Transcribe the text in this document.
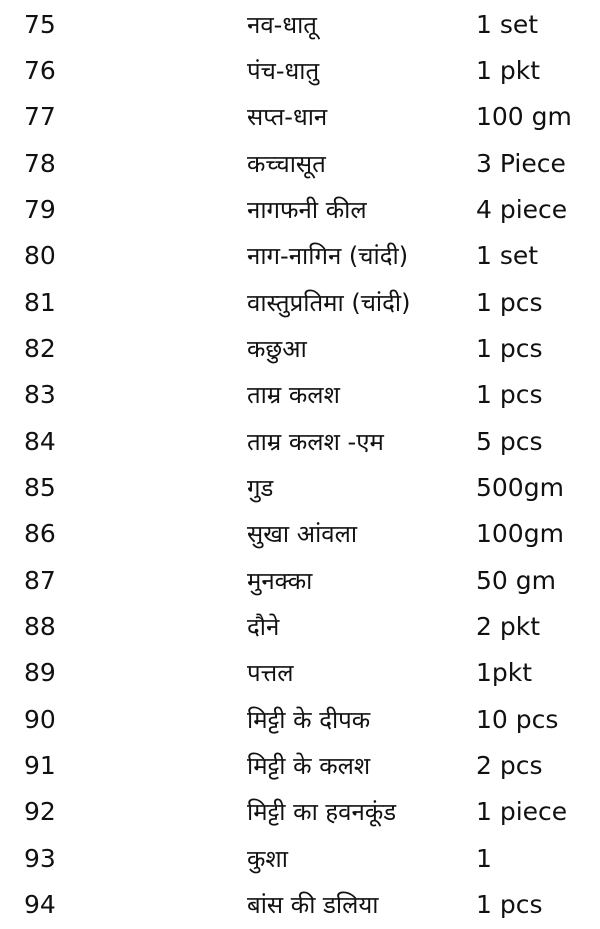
75	नव-धातू	1 set
76	पंच-धातु	1 pkt
77	सप्त-धान	100 gm
78	कच्चासूत	3 Piece
79	नागफनी कील	4 piece
80	नाग-नागिन (चांदी)	1 set
81	वास्तुप्रतिमा (चांदी)	1 pcs
82	कछुआ	1 pcs
83	ताम्र कलश	1 pcs
84	ताम्र कलश -एम	5 pcs
85	गुड	500gm
86	सुखा आंवला	100gm
87	मुनक्का	50 gm
88	दौने	2 pkt
89	पत्तल	1pkt
90	मिट्टी के दीपक	10 pcs
91	मिट्टी के कलश	2 pcs
92	मिट्टी का हवनकूंड	1 piece
93	कुशा	1
94	बांस की डलिया	1 pcs
